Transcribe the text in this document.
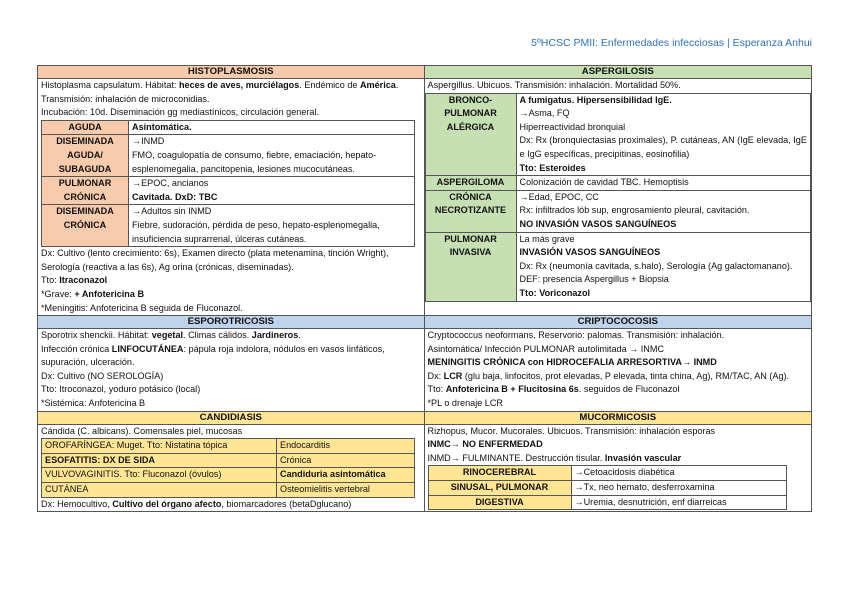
5ºHCSC PMII: Enfermedades infecciosas | Esperanza Anhui
HISTOPLASMOSIS
Histoplasma capsulatum. Hábitat: heces de aves, murciélagos. Endémico de América. Transmisión: inhalación de microconidias.
Incubación: 10d. Diseminación gg mediastínicos, circulación general.
AGUDA	Asintomática.
DISEMINADA AGUDA/ SUBAGUDA	→INMD
FMO, coagulopatía de consumo, fiebre, emaciación, hepato-esplenomegalia, pancitopenia, lesiones mucocutáneas.
PULMONAR CRÓNICA	→EPOC, ancianos
Cavitada. DxD: TBC
DISEMINADA CRÓNICA	→Adultos sin INMD
Fiebre, sudoración, pérdida de peso, hepato-esplenomegalia, insuficiencia suprarrenal, úlceras cutáneas.
Dx: Cultivo (lento crecimiento: 6s), Examen directo (plata metenamina, tinción Wright), Serología (reactiva a las 6s), Ag orina (crónicas, diseminadas).
Tto: Itraconazol
*Grave: + Anfotericina B
*Meningitis: Anfotericina B seguida de Fluconazol.
ASPERGILOSIS
Aspergillus. Ubicuos. Transmisión: inhalación. Mortalidad 50%.
BRONCO-PULMONAR ALÉRGICA	A fumigatus. Hipersensibilidad IgE.
→Asma, FQ
Hiperreactividad bronquial
Dx: Rx (bronquiectasias proximales), P. cutáneas, AN (IgE elevada, IgE e IgG específicas, precipitinas, eosinofilia)
Tto: Esteroides
ASPERGILOMA	Colonización de cavidad TBC. Hemoptisis
CRÓNICA NECROTIZANTE	→Edad, EPOC, CC
Rx: infiltrados lób sup, engrosamiento pleural, cavitación.
NO INVASIÓN VASOS SANGUÍNEOS
PULMONAR INVASIVA	La más grave
INVASIÓN VASOS SANGUÍNEOS
Dx: Rx (neumonía cavitada, s.halo), Serología (Ag galactomanano). DEF: presencia Aspergillus + Biopsia
Tto: Voriconazol
ESPOROTRICOSIS
Sporotrix shenckii. Hábitat: vegetal. Climas cálidos. Jardineros.
Infección crónica LINFOCUTÁNEA: pápula roja indolora, nódulos en vasos linfáticos, supuración, ulceración.
Dx: Cultivo (NO SEROLOGÍA)
Tto: Itroconazol, yoduro potásico (local)
*Sistémica: Anfotericina B
CRIPTOCOCOSIS
Cryptococcus neoformans. Reservorio: palomas. Transmisión: inhalación.
Asintomática/ Infección PULMONAR autolimitada → INMC
MENINGITIS CRÓNICA con HIDROCEFALIA ARRESORTIVA→ INMD
Dx: LCR (glu baja, linfocitos, prot elevadas, P elevada, tinta china, Ag), RM/TAC, AN (Ag).
Tto: Anfotericina B + Flucitosina 6s. seguidos de Fluconazol
*PL o drenaje LCR
CANDIDIASIS
Cándida (C. albicans). Comensales piel, mucosas
OROFARÍNGEA: Muget. Tto: Nistatina tópica	Endocarditis
ESOFATITIS: DX DE SIDA	Crónica
VULVOVAGINITIS. Tto: Fluconazol (óvulos)	Candiduria asintomática
CUTÁNEA	Osteomielitis vertebral
Dx: Hemocultivo, Cultivo del órgano afecto, biomarcadores (betaDglucano)
MUCORMICOSIS
Rizhopus, Mucor. Mucorales. Ubicuos. Transmisión: inhalación esporas
INMC→ NO ENFERMEDAD
INMD→ FULMINANTE. Destrucción tisular. Invasión vascular
RINOCEREBRAL	→Cetoacidosis diabética
SINUSAL, PULMONAR	→Tx, neo hemato, desferroxamina
DIGESTIVA	→Uremia, desnutrición, enf diarreicas
